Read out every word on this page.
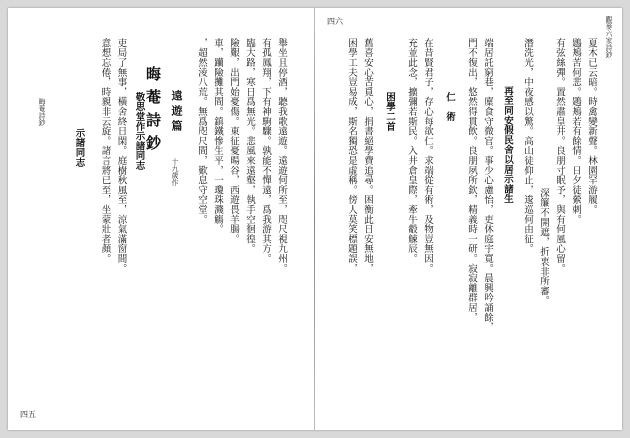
觀麥六家詩鈔
夏木已云暗。時禽變新聲。林園罕游履。
鶗鴂苦何悲。鶗鴂若有餘情。日夕徒縈刺。
有弦絲彈。置然肅皇井。良朋寸眠予，與有何風心留。
深簾不開遮，折衷非所審。
潛洗光，中夜感以驚。高山徒仰止，逡巡何由征。
再至同安假民舍以居示諸生
端居託窮巷，廩食守微官。事少心慮怡，吏休庭宇寬。晨興吟誦餘，
門不復出，悠然得貫飲。良朋夙所欽，精義時一研。寂寂離群居，
仁　術
在昔賢君子，存心每欲仁。求端從有術，及物豈無因。
充並此念，擴彌若斯民。入井倉皇際，牽牛觳觫辰。
困學二首
舊喜安心苦覓心，捐書絕學費追尋。困衡此日安無地，
困學工夫豈易成，斯名獨恐是虛稱。傍人莫笑標題誤，
四六
舉坐且停酒，聽我歌遠遊。遠遊何所至，咫尺視九州。
有孤鳳翔，下有神駒驟。孰能不憚遠，爲我游其方。
臨大路，寒日爲無光。悲風來遠壑，執手空徊徨。
險艱，出門始憂傷。東征憂暘谷，西遊畏羊腸。
車，躪險攤其間。鎮鐵慘生平，一瓊珠濺觴。
，超然淩八荒。無爲咫尺間，歎息守空堂。
遠遊篇
十九歲作
晦菴詩鈔
敬思堂作示諸同志
吏局了無事，橫舍終日閑。庭樹秋風至，涼氣滿窗間。
意想忘倦，時親非云旋。諸言將已至，坐蒙壯者顏。
示諸同志
晦菴詩鈔
四五
